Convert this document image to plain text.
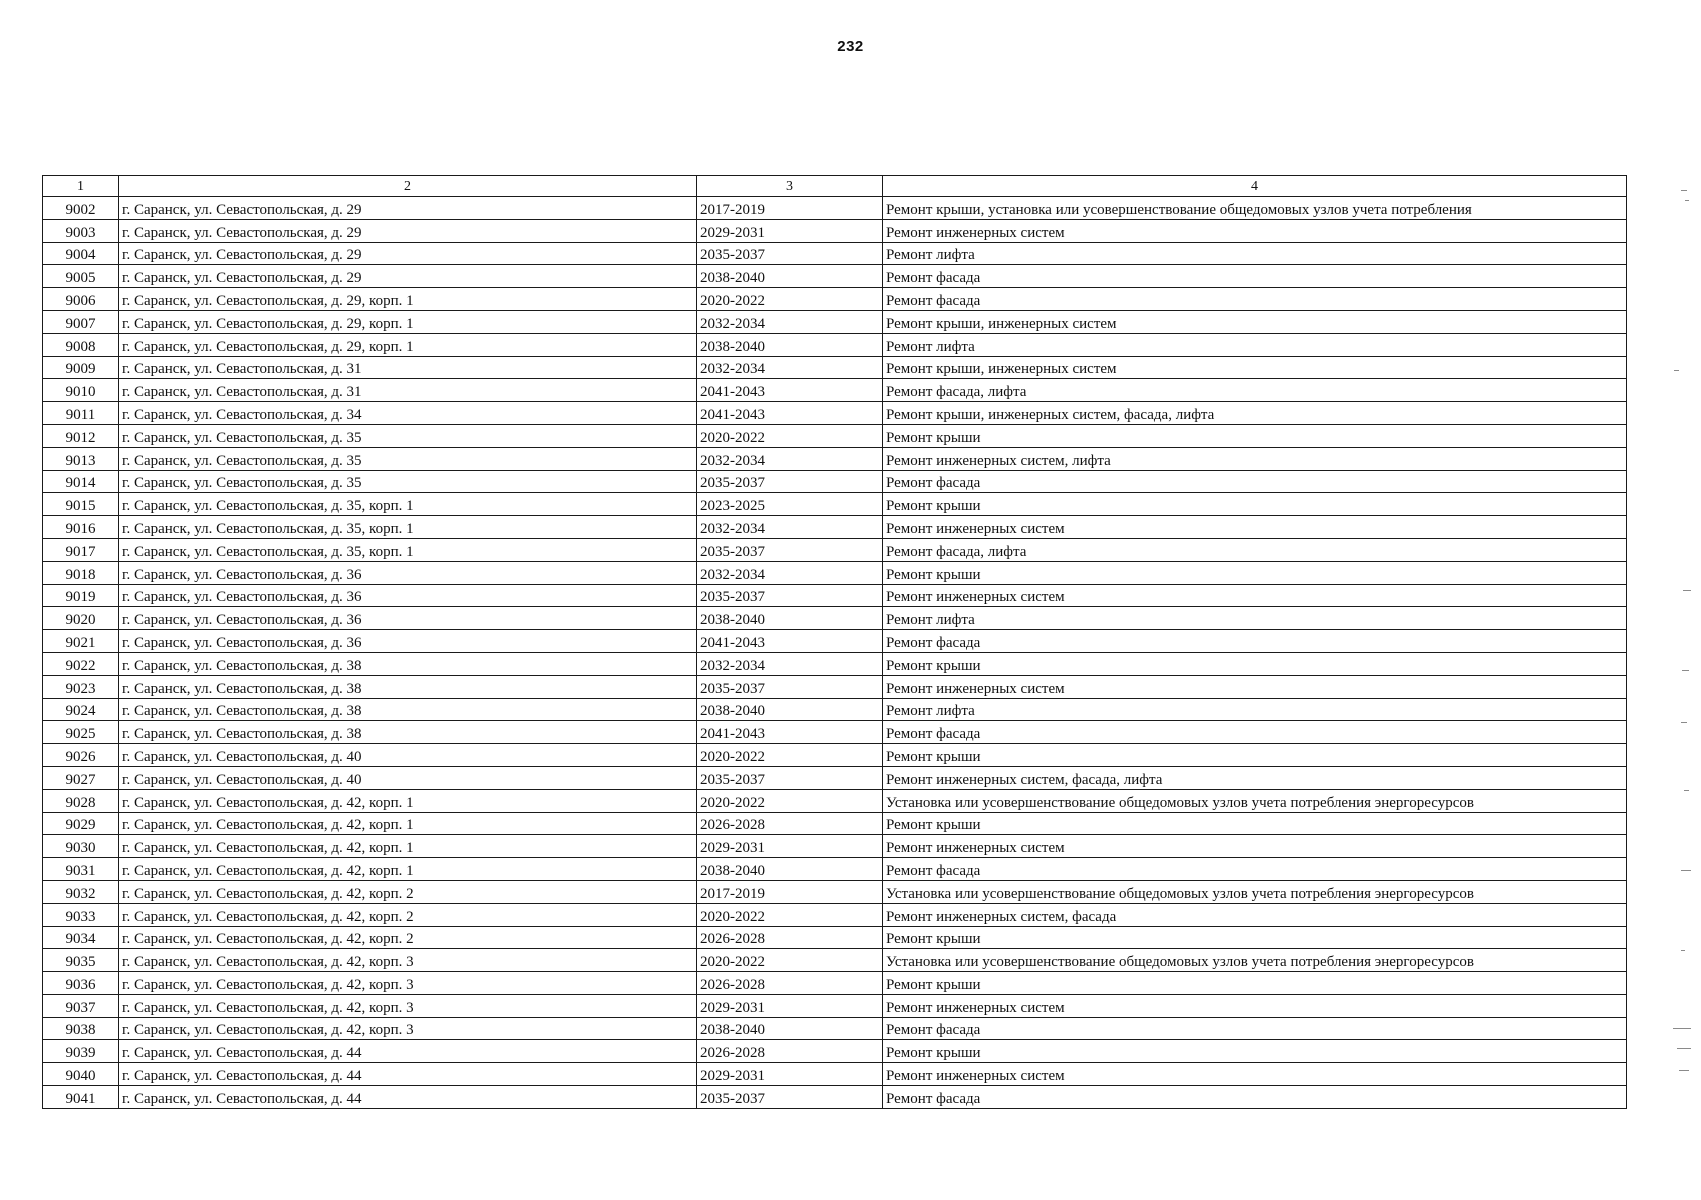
232
1	2	3	4
9002	г. Саранск, ул. Севастопольская, д. 29	2017-2019	Ремонт крыши, установка или усовершенствование общедомовых узлов учета потребления

9003	г. Саранск, ул. Севастопольская, д. 29	2029-2031	Ремонт инженерных систем
9004	г. Саранск, ул. Севастопольская, д. 29	2035-2037	Ремонт лифта
9005	г. Саранск, ул. Севастопольская, д. 29	2038-2040	Ремонт фасада
9006	г. Саранск, ул. Севастопольская, д. 29, корп. 1	2020-2022	Ремонт фасада
9007	г. Саранск, ул. Севастопольская, д. 29, корп. 1	2032-2034	Ремонт крыши, инженерных систем
9008	г. Саранск, ул. Севастопольская, д. 29, корп. 1	2038-2040	Ремонт лифта
9009	г. Саранск, ул. Севастопольская, д. 31	2032-2034	Ремонт крыши, инженерных систем
9010	г. Саранск, ул. Севастопольская, д. 31	2041-2043	Ремонт фасада, лифта
9011	г. Саранск, ул. Севастопольская, д. 34	2041-2043	Ремонт крыши, инженерных систем, фасада, лифта
9012	г. Саранск, ул. Севастопольская, д. 35	2020-2022	Ремонт крыши
9013	г. Саранск, ул. Севастопольская, д. 35	2032-2034	Ремонт инженерных систем, лифта
9014	г. Саранск, ул. Севастопольская, д. 35	2035-2037	Ремонт фасада
9015	г. Саранск, ул. Севастопольская, д. 35, корп. 1	2023-2025	Ремонт крыши
9016	г. Саранск, ул. Севастопольская, д. 35, корп. 1	2032-2034	Ремонт инженерных систем
9017	г. Саранск, ул. Севастопольская, д. 35, корп. 1	2035-2037	Ремонт фасада, лифта
9018	г. Саранск, ул. Севастопольская, д. 36	2032-2034	Ремонт крыши
9019	г. Саранск, ул. Севастопольская, д. 36	2035-2037	Ремонт инженерных систем
9020	г. Саранск, ул. Севастопольская, д. 36	2038-2040	Ремонт лифта
9021	г. Саранск, ул. Севастопольская, д. 36	2041-2043	Ремонт фасада
9022	г. Саранск, ул. Севастопольская, д. 38	2032-2034	Ремонт крыши
9023	г. Саранск, ул. Севастопольская, д. 38	2035-2037	Ремонт инженерных систем
9024	г. Саранск, ул. Севастопольская, д. 38	2038-2040	Ремонт лифта
9025	г. Саранск, ул. Севастопольская, д. 38	2041-2043	Ремонт фасада
9026	г. Саранск, ул. Севастопольская, д. 40	2020-2022	Ремонт крыши
9027	г. Саранск, ул. Севастопольская, д. 40	2035-2037	Ремонт инженерных систем, фасада, лифта
9028	г. Саранск, ул. Севастопольская, д. 42, корп. 1	2020-2022	Установка или усовершенствование общедомовых узлов учета потребления энергоресурсов
9029	г. Саранск, ул. Севастопольская, д. 42, корп. 1	2026-2028	Ремонт крыши
9030	г. Саранск, ул. Севастопольская, д. 42, корп. 1	2029-2031	Ремонт инженерных систем
9031	г. Саранск, ул. Севастопольская, д. 42, корп. 1	2038-2040	Ремонт фасада
9032	г. Саранск, ул. Севастопольская, д. 42, корп. 2	2017-2019	Установка или усовершенствование общедомовых узлов учета потребления энергоресурсов
9033	г. Саранск, ул. Севастопольская, д. 42, корп. 2	2020-2022	Ремонт инженерных систем, фасада
9034	г. Саранск, ул. Севастопольская, д. 42, корп. 2	2026-2028	Ремонт крыши
9035	г. Саранск, ул. Севастопольская, д. 42, корп. 3	2020-2022	Установка или усовершенствование общедомовых узлов учета потребления энергоресурсов
9036	г. Саранск, ул. Севастопольская, д. 42, корп. 3	2026-2028	Ремонт крыши
9037	г. Саранск, ул. Севастопольская, д. 42, корп. 3	2029-2031	Ремонт инженерных систем
9038	г. Саранск, ул. Севастопольская, д. 42, корп. 3	2038-2040	Ремонт фасада
9039	г. Саранск, ул. Севастопольская, д. 44	2026-2028	Ремонт крыши
9040	г. Саранск, ул. Севастопольская, д. 44	2029-2031	Ремонт инженерных систем
9041	г. Саранск, ул. Севастопольская, д. 44	2035-2037	Ремонт фасада
